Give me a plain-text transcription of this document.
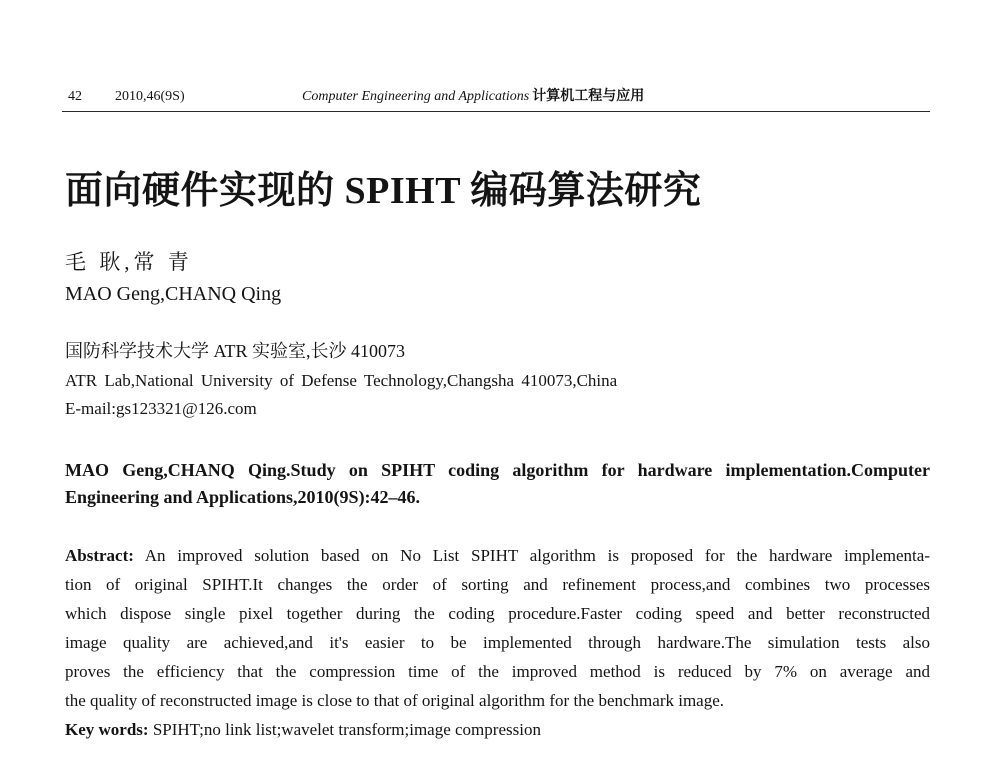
42 2010,46(9S)	Computer Engineering and Applications 计算机工程与应用
面向硬件实现的 SPIHT 编码算法研究
毛 耿,常 青
MAO Geng,CHANQ Qing
国防科学技术大学 ATR 实验室,长沙 410073
ATR Lab,National University of Defense Technology,Changsha 410073,China
E-mail:gs123321@126.com
MAO Geng,CHANQ Qing.Study on SPIHT coding algorithm for hardware implementation.Computer
Engineering and Applications,2010(9S):42–46.
Abstract: An improved solution based on No List SPIHT algorithm is proposed for the hardware implementa-
tion of original SPIHT.It changes the order of sorting and refinement process,and combines two processes
which dispose single pixel together during the coding procedure.Faster coding speed and better reconstructed
image quality are achieved,and it's easier to be implemented through hardware.The simulation tests also
proves the efficiency that the compression time of the improved method is reduced by 7% on average and
the quality of reconstructed image is close to that of original algorithm for the benchmark image.
Key words: SPIHT;no link list;wavelet transform;image compression
